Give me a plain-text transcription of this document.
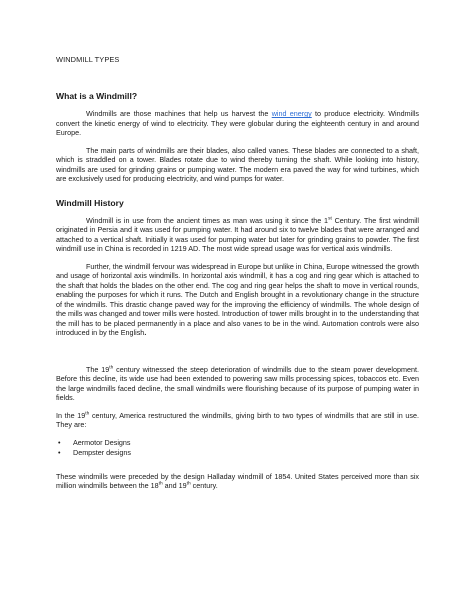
WINDMILL TYPES
What is a Windmill?

Windmills are those machines that help us harvest the wind energy to produce electricity. Windmills convert the kinetic energy of wind to electricity. They were globular during the eighteenth century in and around Europe.

The main parts of windmills are their blades, also called vanes. These blades are connected to a shaft, which is straddled on a tower. Blades rotate due to wind thereby turning the shaft. While looking into history, windmills are used for grinding grains or pumping water. The modern era paved the way for wind turbines, which are exclusively used for producing electricity, and wind pumps for water.

Windmill History

Windmill is in use from the ancient times as man was using it since the 1st Century. The first windmill originated in Persia and it was used for pumping water. It had around six to twelve blades that were arranged and attached to a vertical shaft. Initially it was used for pumping water but later for grinding grains to powder. The first windmill use in China is recorded in 1219 AD. The most wide spread usage was for vertical axis windmills.

Further, the windmill fervour was widespread in Europe but unlike in China, Europe witnessed the growth and usage of horizontal axis windmills. In horizontal axis windmill, it has a cog and ring gear which is attached to the shaft that holds the blades on the other end. The cog and ring gear helps the shaft to move in vertical rounds, enabling the purposes for which it runs. The Dutch and English brought in a revolutionary change in the structure of the windmills. This drastic change paved way for the improving the efficiency of windmills. The whole design of the mills was changed and tower mills were hosted. Introduction of tower mills brought in to the understanding that the mill has to be placed permanently in a place and also vanes to be in the wind. Automation controls were also introduced in by the English.

The 19th century witnessed the steep deterioration of windmills due to the steam power development. Before this decline, its wide use had been extended to powering saw mills processing spices, tobaccos etc. Even the large windmills faced decline, the small windmills were flourishing because of its purpose of pumping water in fields.

In the 19th century, America restructured the windmills, giving birth to two types of windmills that are still in use. They are:

• Aermotor Designs
• Dempster designs

These windmills were preceded by the design Halladay windmill of 1854. United States perceived more than six million windmills between the 18th and 19th century.
